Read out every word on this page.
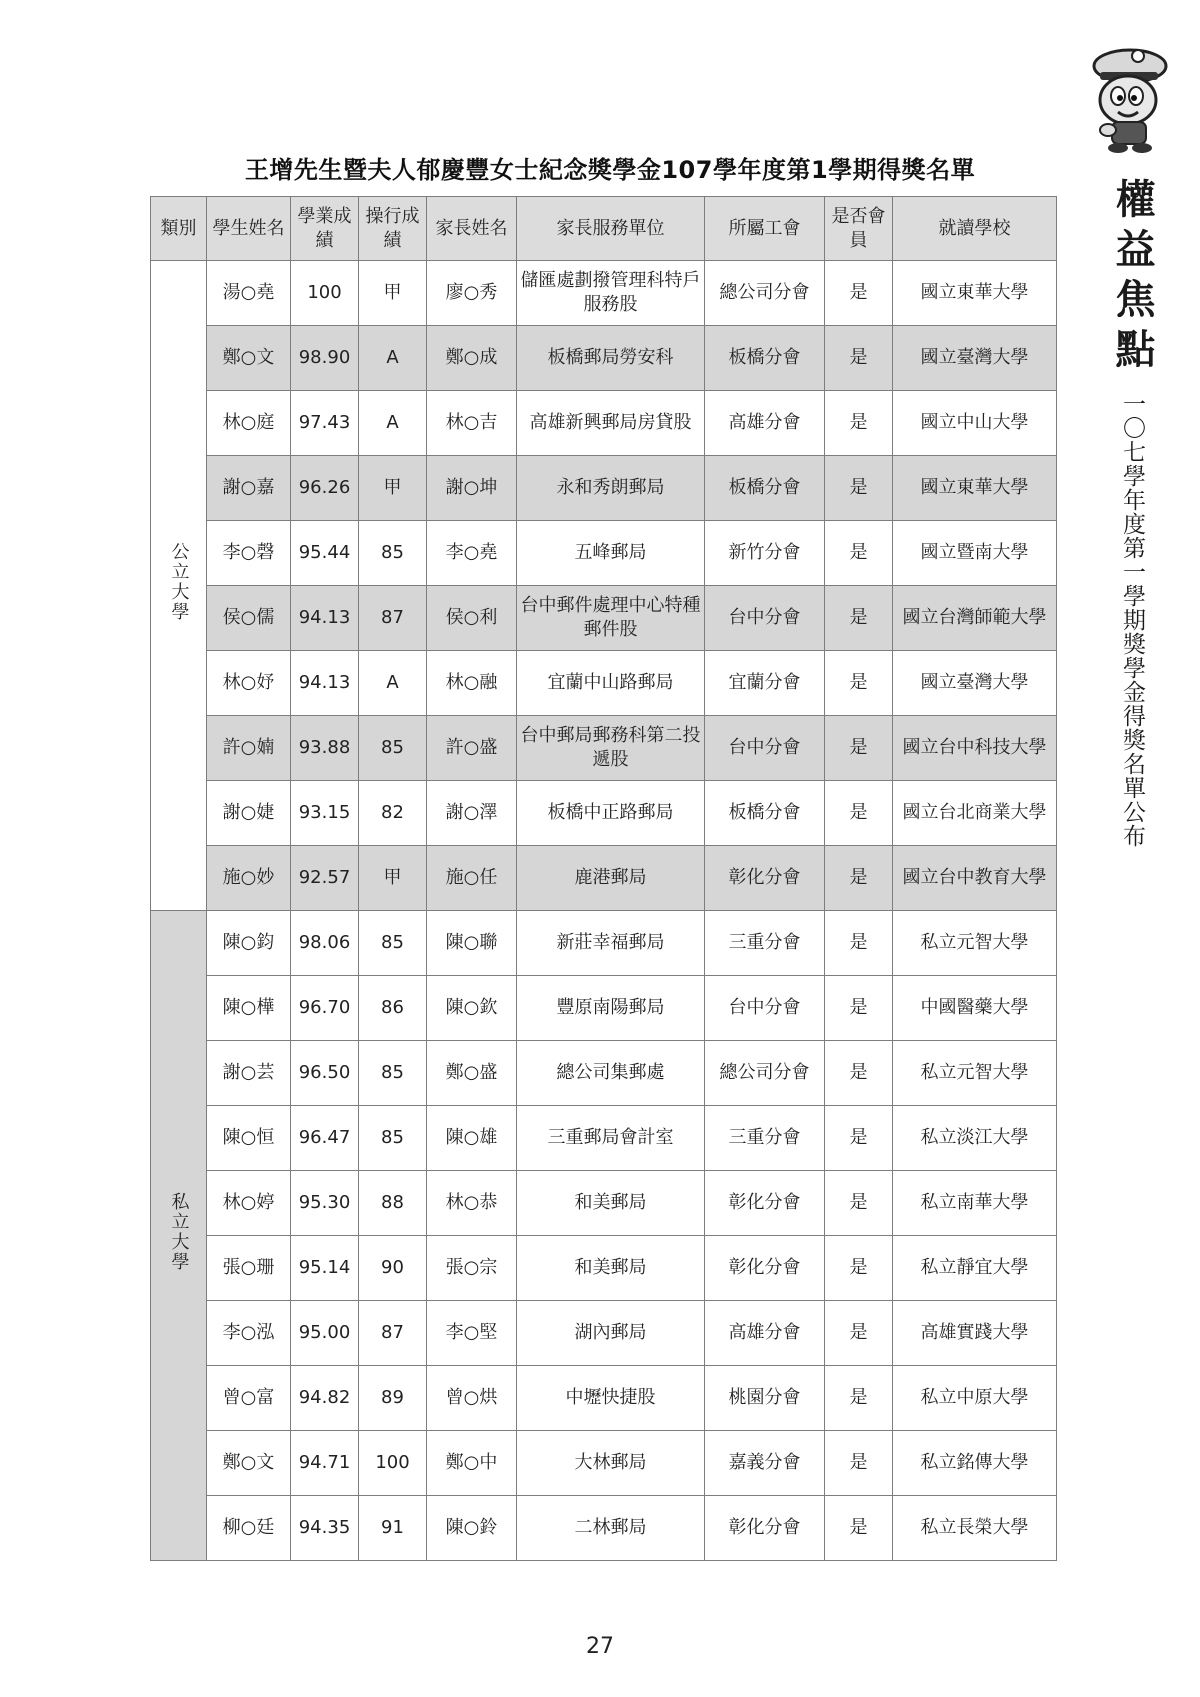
權益焦點
一〇七學年度第一學期獎學金得獎名單公布
王增先生暨夫人郁慶豐女士紀念獎學金107學年度第1學期得獎名單
類別	學生姓名	學業成績	操行成績	家長姓名	家長服務單位	所屬工會	是否會員	就讀學校
公立大學	湯○堯	100	甲	廖○秀	儲匯處劃撥管理科特戶服務股	總公司分會	是	國立東華大學
	鄭○文	98.90	A	鄭○成	板橋郵局勞安科	板橋分會	是	國立臺灣大學
	林○庭	97.43	A	林○吉	高雄新興郵局房貸股	高雄分會	是	國立中山大學
	謝○嘉	96.26	甲	謝○坤	永和秀朗郵局	板橋分會	是	國立東華大學
	李○磬	95.44	85	李○堯	五峰郵局	新竹分會	是	國立暨南大學
	侯○儒	94.13	87	侯○利	台中郵件處理中心特種郵件股	台中分會	是	國立台灣師範大學
	林○妤	94.13	A	林○融	宜蘭中山路郵局	宜蘭分會	是	國立臺灣大學
	許○婻	93.88	85	許○盛	台中郵局郵務科第二投遞股	台中分會	是	國立台中科技大學
	謝○婕	93.15	82	謝○澤	板橋中正路郵局	板橋分會	是	國立台北商業大學
	施○妙	92.57	甲	施○任	鹿港郵局	彰化分會	是	國立台中教育大學
私立大學	陳○鈞	98.06	85	陳○聯	新莊幸福郵局	三重分會	是	私立元智大學
	陳○樺	96.70	86	陳○欽	豐原南陽郵局	台中分會	是	中國醫藥大學
	謝○芸	96.50	85	鄭○盛	總公司集郵處	總公司分會	是	私立元智大學
	陳○恒	96.47	85	陳○雄	三重郵局會計室	三重分會	是	私立淡江大學
	林○婷	95.30	88	林○恭	和美郵局	彰化分會	是	私立南華大學
	張○珊	95.14	90	張○宗	和美郵局	彰化分會	是	私立靜宜大學
	李○泓	95.00	87	李○堅	湖內郵局	高雄分會	是	高雄實踐大學
	曾○富	94.82	89	曾○烘	中壢快捷股	桃園分會	是	私立中原大學
	鄭○文	94.71	100	鄭○中	大林郵局	嘉義分會	是	私立銘傳大學
	柳○廷	94.35	91	陳○鈴	二林郵局	彰化分會	是	私立長榮大學
27
